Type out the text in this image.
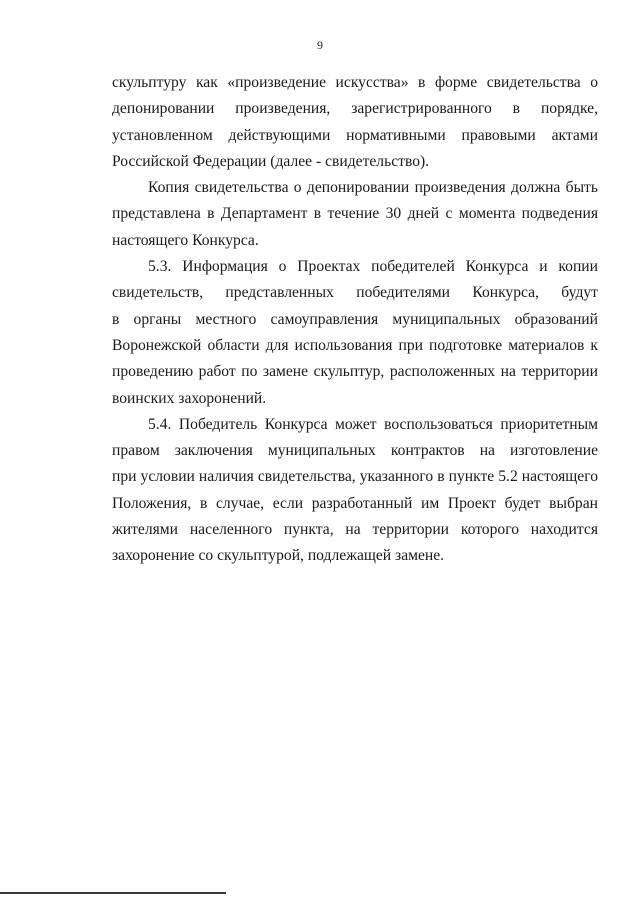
9
скульптуру как «произведение искусства» в форме свидетельства о
депонировании произведения, зарегистрированного в порядке,
установленном действующими нормативными правовыми актами
Российской Федерации (далее - свидетельство).
Копия свидетельства о депонировании произведения должна быть
представлена в Департамент в течение 30 дней с момента подведения
настоящего Конкурса.
5.3. Информация о Проектах победителей Конкурса и копии
свидетельств, представленных победителями Конкурса, будут
в органы местного самоуправления муниципальных образований
Воронежской области для использования при подготовке материалов к
проведению работ по замене скульптур, расположенных на территории
воинских захоронений.
5.4. Победитель Конкурса может воспользоваться приоритетным
правом заключения муниципальных контрактов на изготовление
при условии наличия свидетельства, указанного в пункте 5.2 настоящего
Положения, в случае, если разработанный им Проект будет выбран
жителями населенного пункта, на территории которого находится
захоронение со скульптурой, подлежащей замене.
